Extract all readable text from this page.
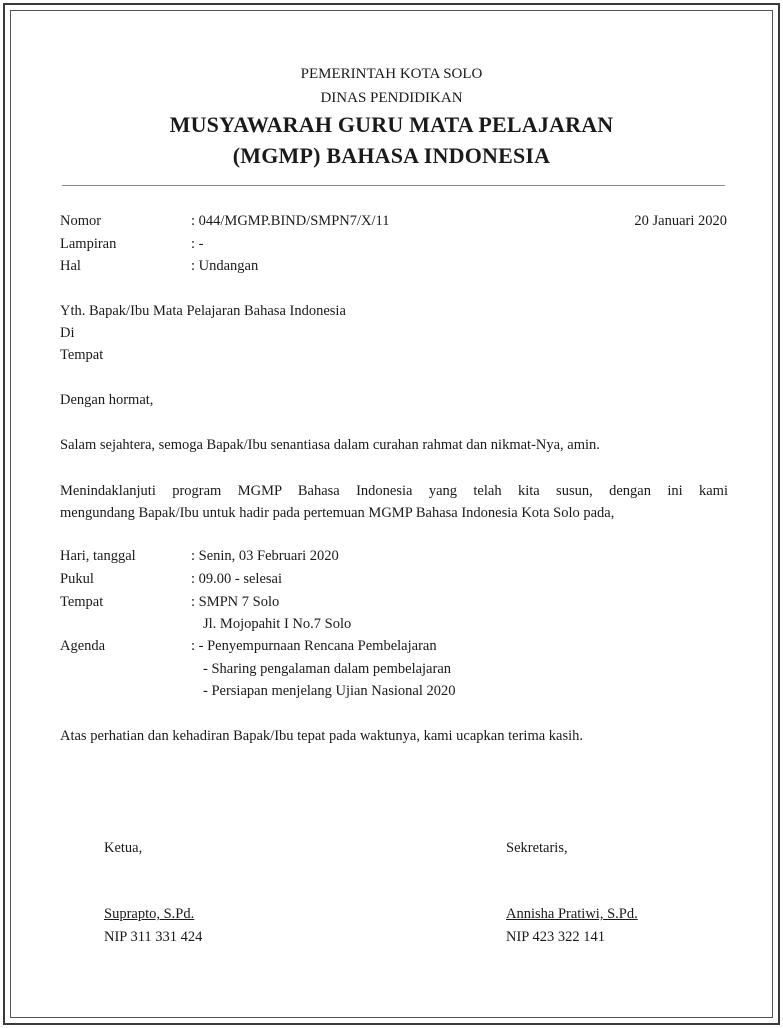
PEMERINTAH KOTA SOLO
DINAS PENDIDIKAN
MUSYAWARAH GURU MATA PELAJARAN
(MGMP) BAHASA INDONESIA
Nomor	: 044/MGMP.BIND/SMPN7/X/11	20 Januari 2020
Lampiran	: -
Hal	: Undangan
Yth. Bapak/Ibu Mata Pelajaran Bahasa Indonesia
Di
Tempat
Dengan hormat,
Salam sejahtera, semoga Bapak/Ibu senantiasa dalam curahan rahmat dan nikmat-Nya, amin.
Menindaklanjuti program MGMP Bahasa Indonesia yang telah kita susun, dengan ini kami
mengundang Bapak/Ibu untuk hadir pada pertemuan MGMP Bahasa Indonesia Kota Solo pada,
Hari, tanggal	: Senin, 03 Februari 2020
Pukul	: 09.00 - selesai
Tempat	: SMPN 7 Solo
Jl. Mojopahit I No.7 Solo
Agenda	: - Penyempurnaan Rencana Pembelajaran
- Sharing pengalaman dalam pembelajaran
- Persiapan menjelang Ujian Nasional 2020
Atas perhatian dan kehadiran Bapak/Ibu tepat pada waktunya, kami ucapkan terima kasih.
Ketua,
Suprapto, S.Pd.
NIP 311 331 424
Sekretaris,
Annisha Pratiwi, S.Pd.
NIP 423 322 141
